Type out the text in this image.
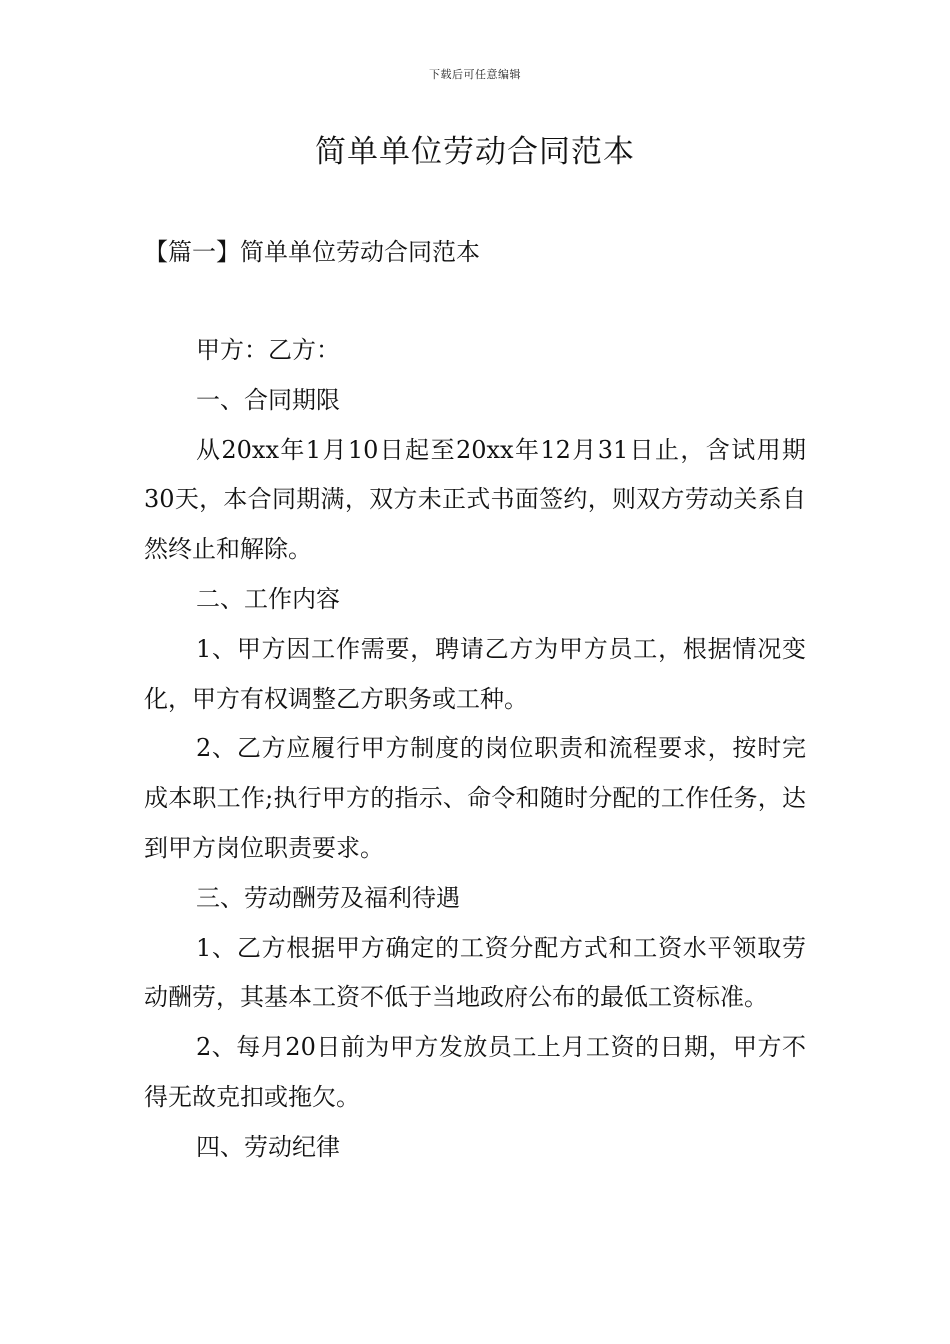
下载后可任意编辑
简单单位劳动合同范本
【篇一】简单单位劳动合同范本

甲方：乙方：

一、合同期限

从20xx年1月10日起至20xx年12月31日止，含试用期30天，本合同期满，双方未正式书面签约，则双方劳动关系自然终止和解除。

二、工作内容

1、甲方因工作需要，聘请乙方为甲方员工，根据情况变化，甲方有权调整乙方职务或工种。

2、乙方应履行甲方制度的岗位职责和流程要求，按时完成本职工作;执行甲方的指示、命令和随时分配的工作任务，达到甲方岗位职责要求。

三、劳动酬劳及福利待遇

1、乙方根据甲方确定的工资分配方式和工资水平领取劳动酬劳，其基本工资不低于当地政府公布的最低工资标准。

2、每月20日前为甲方发放员工上月工资的日期，甲方不得无故克扣或拖欠。

四、劳动纪律
